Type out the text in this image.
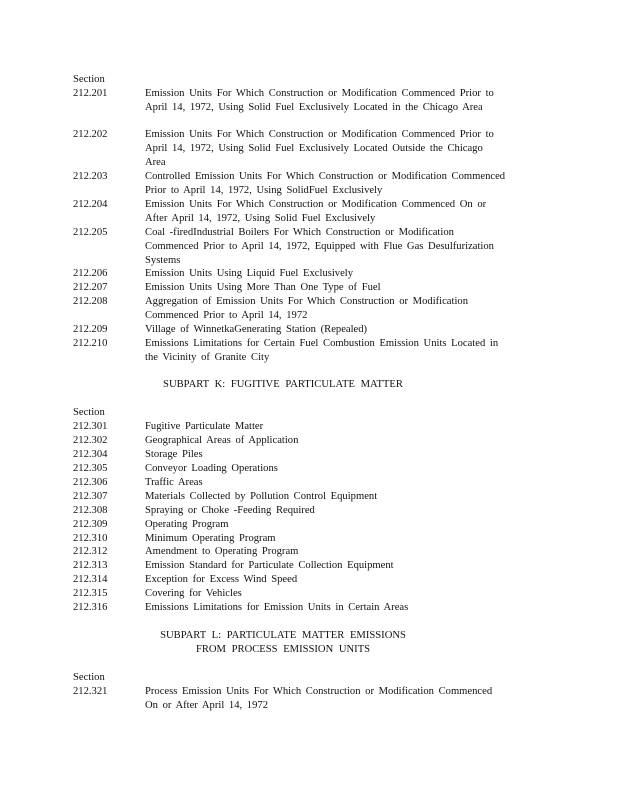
Section
212.201	Emission Units For Which Construction or Modification Commenced Prior to April 14, 1972, Using Solid Fuel Exclusively Located in the Chicago Area
212.202	Emission Units For Which Construction or Modification Commenced Prior to April 14, 1972, Using Solid Fuel Exclusively Located Outside the Chicago Area
212.203	Controlled Emission Units For Which Construction or Modification Commenced Prior to April 14, 1972, Using SolidFuel Exclusively
212.204	Emission Units For Which Construction or Modification Commenced On or After April 14, 1972, Using Solid Fuel Exclusively
212.205	Coal -firedIndustrial Boilers For Which Construction or Modification Commenced Prior to April 14, 1972, Equipped with Flue Gas Desulfurization Systems
212.206	Emission Units Using Liquid Fuel Exclusively
212.207	Emission Units Using More Than One Type of Fuel
212.208	Aggregation of Emission Units For Which Construction or Modification Commenced Prior to April 14, 1972
212.209	Village of WinnetkaGenerating Station (Repealed)
212.210	Emissions Limitations for Certain Fuel Combustion Emission Units Located in the Vicinity of Granite City
SUBPART K: FUGITIVE PARTICULATE MATTER
Section
212.301	Fugitive Particulate Matter
212.302	Geographical Areas of Application
212.304	Storage Piles
212.305	Conveyor Loading Operations
212.306	Traffic Areas
212.307	Materials Collected by Pollution Control Equipment
212.308	Spraying or Choke -Feeding Required
212.309	Operating Program
212.310	Minimum Operating Program
212.312	Amendment to Operating Program
212.313	Emission Standard for Particulate Collection Equipment
212.314	Exception for Excess Wind Speed
212.315	Covering for Vehicles
212.316	Emissions Limitations for Emission Units in Certain Areas
SUBPART L: PARTICULATE MATTER EMISSIONS
FROM PROCESS EMISSION UNITS
Section
212.321	Process Emission Units For Which Construction or Modification Commenced On or After April 14, 1972
